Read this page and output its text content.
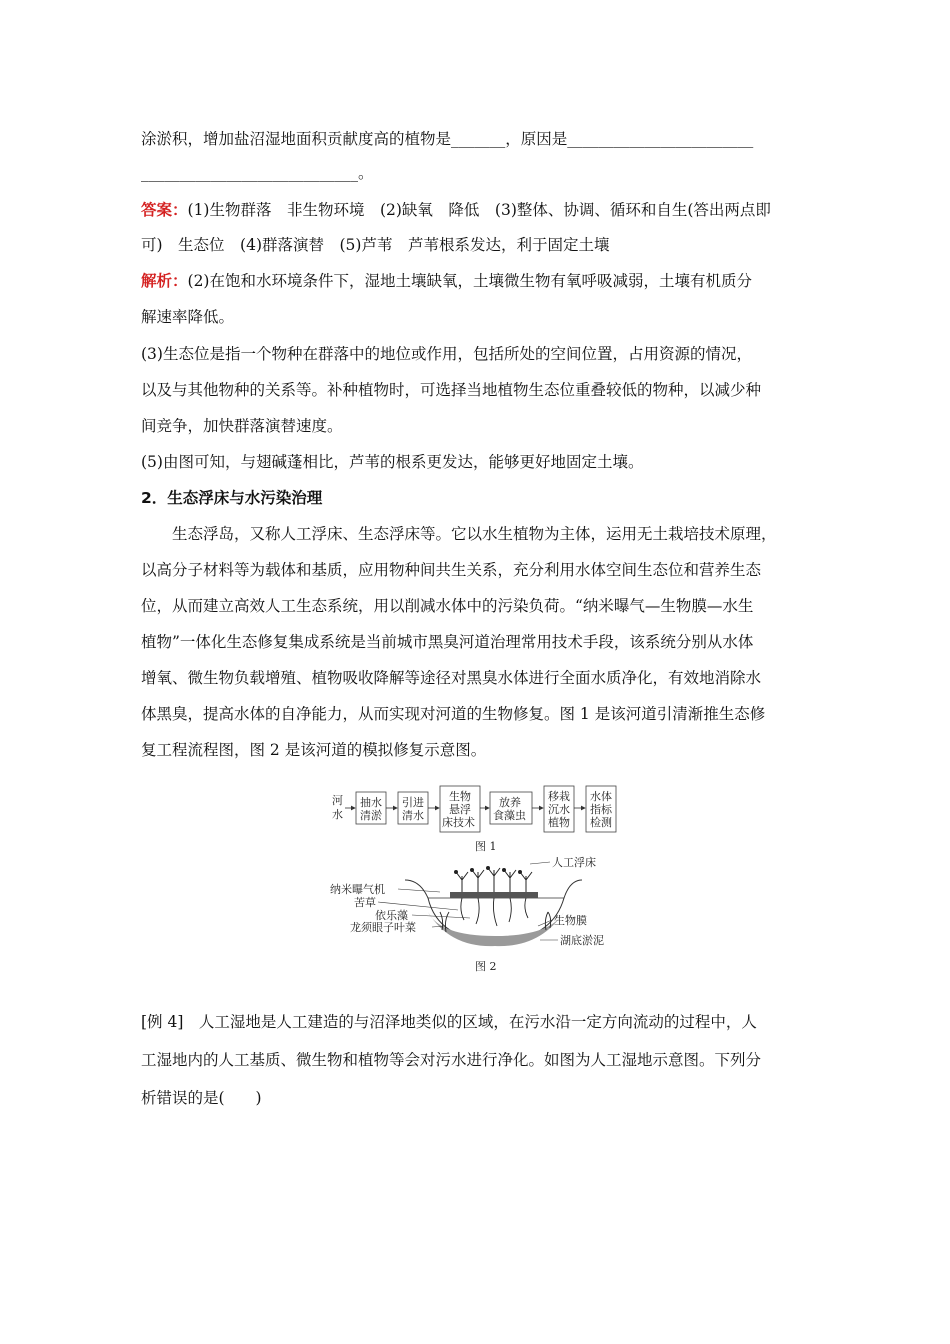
涂淤积，增加盐沼湿地面积贡献度高的植物是_______，原因是________________________
____________________________。
答案：(1)生物群落　非生物环境　(2)缺氧　降低　(3)整体、协调、循环和自生(答出两点即
可)　生态位　(4)群落演替　(5)芦苇　芦苇根系发达，利于固定土壤
解析：(2)在饱和水环境条件下，湿地土壤缺氧，土壤微生物有氧呼吸减弱，土壤有机质分
解速率降低。
(3)生态位是指一个物种在群落中的地位或作用，包括所处的空间位置，占用资源的情况，
以及与其他物种的关系等。补种植物时，可选择当地植物生态位重叠较低的物种，以减少种
间竞争，加快群落演替速度。
(5)由图可知，与翅碱蓬相比，芦苇的根系更发达，能够更好地固定土壤。
2．生态浮床与水污染治理
　　生态浮岛，又称人工浮床、生态浮床等。它以水生植物为主体，运用无土栽培技术原理，
以高分子材料等为载体和基质，应用物种间共生关系，充分利用水体空间生态位和营养生态
位，从而建立高效人工生态系统，用以削减水体中的污染负荷。“纳米曝气—生物膜—水生
植物”一体化生态修复集成系统是当前城市黑臭河道治理常用技术手段，该系统分别从水体
增氧、微生物负载增殖、植物吸收降解等途径对黑臭水体进行全面水质净化，有效地消除水
体黑臭，提高水体的自净能力，从而实现对河道的生物修复。图 1 是该河道引清渐推生态修
复工程流程图，图 2 是该河道的模拟修复示意图。
河
水
抽水
清淤
引进
清水
生物
悬浮
床技术
放养
食藻虫
移栽
沉水
植物
水体
指标
检测
图 1
人工浮床
纳米曝气机
苦草
依乐藻
龙须眼子叶菜
生物膜
湖底淤泥
图 2
[例 4]　人工湿地是人工建造的与沼泽地类似的区域，在污水沿一定方向流动的过程中，人
工湿地内的人工基质、微生物和植物等会对污水进行净化。如图为人工湿地示意图。下列分
析错误的是(　　)
